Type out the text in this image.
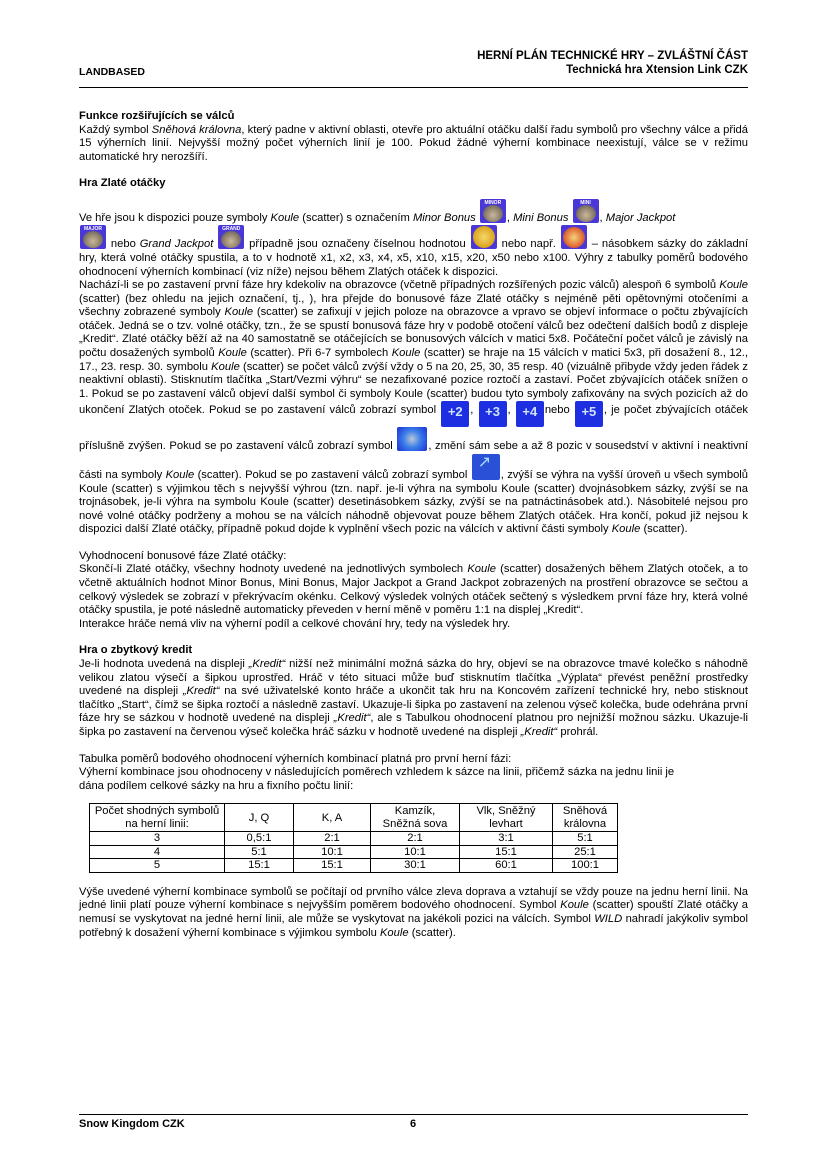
LANDBASED
HERNÍ PLÁN TECHNICKÉ HRY – ZVLÁŠTNÍ ČÁST
Technická hra Xtension Link CZK
Funkce rozšiřujících se válců

Každý symbol Sněhová královna, který padne v aktivní oblasti, otevře pro aktuální otáčku další řadu symbolů pro všechny válce a přidá 15 výherních linií. Nejvyšší možný počet výherních linií je 100. Pokud žádné výherní kombinace neexistují, válce se v režimu automatické hry nerozšíří.

Hra Zlaté otáčky

Ve hře jsou k dispozici pouze symboly Koule (scatter) s označením Minor Bonus MINOR	, Mini Bonus MINI	, Major Jackpot
MAJOR nebo Grand Jackpot GRAND	případně jsou označeny číselnou hodnotou	nebo např.	– násobkem sázky do základní hry, která volné otáčky spustila, a to v hodnotě x1, x2, x3, x4, x5, x10, x15, x20, x50 nebo x100. Výhry z tabulky poměrů bodového ohodnocení výherních kombinací (viz níže) nejsou během Zlatých otáček k dispozici.

Nachází-li se po zastavení první fáze hry kdekoliv na obrazovce (včetně případných rozšířených pozic válců) alespoň 6 symbolů Koule (scatter) (bez ohledu na jejich označení, tj., ), hra přejde do bonusové fáze Zlaté otáčky s nejméně pěti opětovnými otočeními a všechny zobrazené symboly Koule (scatter) se zafixují v jejich poloze na obrazovce a vpravo se objeví informace o počtu zbývajících otáček. Jedná se o tzv. volné otáčky, tzn., že se spustí bonusová fáze hry v podobě otočení válců bez odečtení dalších bodů z displeje „Kredit“. Zlaté otáčky běží až na 40 samostatně se otáčejících se bonusových válcích v matici 5x8. Počáteční počet válců je závislý na počtu dosažených symbolů Koule (scatter). Při 6-7 symbolech Koule (scatter) se hraje na 15 válcích v matici 5x3, při dosažení 8., 12., 17., 23. resp. 30. symbolu Koule (scatter) se počet válců zvýší vždy o 5 na 20, 25, 30, 35 resp. 40 (vizuálně přibyde vždy jeden řádek z neaktivní oblasti). Stisknutím tlačítka „Start/Vezmi výhru“ se nezafixované pozice roztočí a zastaví. Počet zbývajících otáček snížen o 1. Pokud se po zastavení válců objeví další symbol či symboly Koule (scatter) budou tyto symboly zafixovány na svých pozicích až do ukončení Zlatých otoček. Pokud se po zastavení válců zobrazí symbol +2 , +3 , +4 nebo +5 , je počet zbývajících otáček příslušně zvýšen. Pokud se po zastavení válců zobrazí symbol	, změní sám sebe a až 8 pozic v sousedství v aktivní i neaktivní části na symboly Koule (scatter). Pokud se po zastavení válců zobrazí symbol ↗	, zvýší se výhra na vyšší úroveň u všech symbolů Koule (scatter) s výjimkou těch s nejvyšší výhrou (tzn. např. je-li výhra na symbolu Koule (scatter) dvojnásobkem sázky, zvýší se na trojnásobek, je-li výhra na symbolu Koule (scatter) desetinásobkem sázky, zvýší se na patnáctinásobek atd.). Násobitelé nejsou pro nové volné otáčky podrženy a mohou se na válcích náhodně objevovat pouze během Zlatých otáček. Hra končí, pokud již nejsou k dispozici další Zlaté otáčky, případně pokud dojde k vyplnění všech pozic na válcích v aktivní části symboly Koule (scatter).

Vyhodnocení bonusové fáze Zlaté otáčky:

Skončí-li Zlaté otáčky, všechny hodnoty uvedené na jednotlivých symbolech Koule (scatter) dosažených během Zlatých otoček, a to včetně aktuálních hodnot Minor Bonus, Mini Bonus, Major Jackpot a Grand Jackpot zobrazených na prostření obrazovce se sečtou a celkový výsledek se zobrazí v překrývacím okénku. Celkový výsledek volných otáček sečtený s výsledkem první fáze hry, která volné otáčky spustila, je poté následně automaticky převeden v herní měně v poměru 1:1 na displej „Kredit“.

Interakce hráče nemá vliv na výherní podíl a celkové chování hry, tedy na výsledek hry.

Hra o zbytkový kredit

Je-li hodnota uvedená na displeji „Kredit“ nižší než minimální možná sázka do hry, objeví se na obrazovce tmavé kolečko s náhodně velikou zlatou výsečí a šipkou uprostřed. Hráč v této situaci může buď stisknutím tlačítka „Výplata“ převést peněžní prostředky uvedené na displeji „Kredit“ na své uživatelské konto hráče a ukončit tak hru na Koncovém zařízení technické hry, nebo stisknout tlačítko „Start“, čímž se šipka roztočí a následně zastaví. Ukazuje-li šipka po zastavení na zelenou výseč kolečka, bude odehrána první fáze hry se sázkou v hodnotě uvedené na displeji „Kredit“, ale s Tabulkou ohodnocení platnou pro nejnižší možnou sázku. Ukazuje-li šipka po zastavení na červenou výseč kolečka hráč sázku v hodnotě uvedené na displeji „Kredit“ prohrál.

Tabulka poměrů bodového ohodnocení výherních kombinací platná pro první herní fázi:

Výherní kombinace jsou ohodnoceny v následujících poměrech vzhledem k sázce na linii, přičemž sázka na jednu linii je dána podílem celkové sázky na hru a fixního počtu linií:

Počet shodných symbolů na herní linii:	J, Q	K, A	Kamzík, Sněžná sova	Vlk, Sněžný levhart	Sněhová královna
3	0,5:1	2:1	2:1	3:1	5:1
4	5:1	10:1	10:1	15:1	25:1
5	15:1	15:1	30:1	60:1	100:1

Výše uvedené výherní kombinace symbolů se počítají od prvního válce zleva doprava a vztahují se vždy pouze na jednu herní linii. Na jedné linii platí pouze výherní kombinace s nejvyšším poměrem bodového ohodnocení. Symbol Koule (scatter) spouští Zlaté otáčky a nemusí se vyskytovat na jedné herní linii, ale může se vyskytovat na jakékoli pozici na válcích. Symbol WILD nahradí jakýkoliv symbol potřebný k dosažení výherní kombinace s výjimkou symbolu Koule (scatter).

Snow Kingdom CZK	6
